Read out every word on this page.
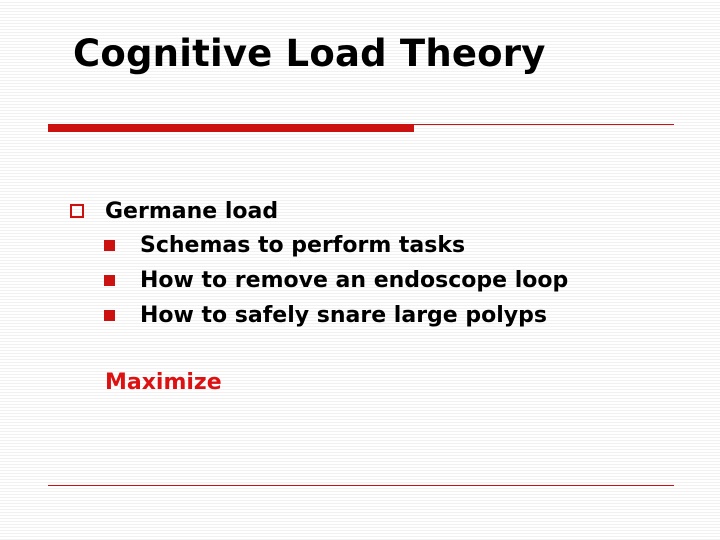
Cognitive Load Theory
Germane load
Schemas to perform tasks
How to remove an endoscope loop
How to safely snare large polyps
Maximize
